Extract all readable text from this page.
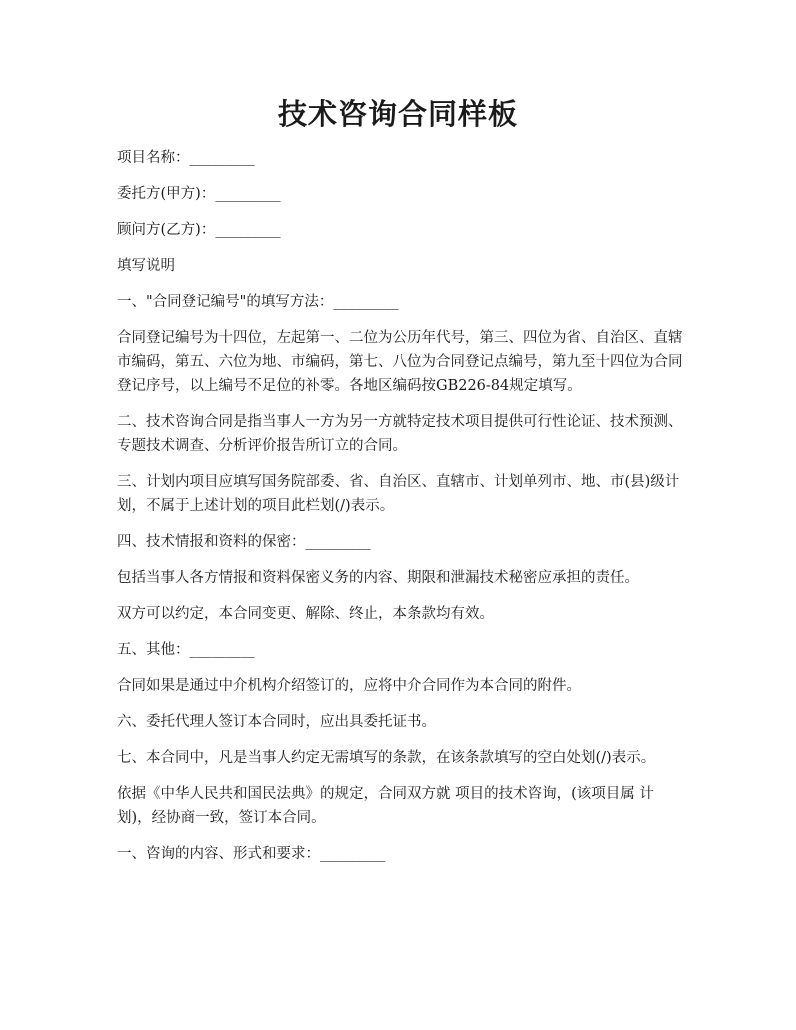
技术咨询合同样板

项目名称：_________

委托方(甲方)：_________

顾问方(乙方)：_________

填写说明

一、"合同登记编号"的填写方法：_________

合同登记编号为十四位，左起第一、二位为公历年代号，第三、四位为省、自治区、直辖市编码，第五、六位为地、市编码，第七、八位为合同登记点编号，第九至十四位为合同登记序号，以上编号不足位的补零。各地区编码按GB226-84规定填写。

二、技术咨询合同是指当事人一方为另一方就特定技术项目提供可行性论证、技术预测、专题技术调查、分析评价报告所订立的合同。

三、计划内项目应填写国务院部委、省、自治区、直辖市、计划单列市、地、市(县)级计划，不属于上述计划的项目此栏划(/)表示。

四、技术情报和资料的保密：_________

包括当事人各方情报和资料保密义务的内容、期限和泄漏技术秘密应承担的责任。

双方可以约定，本合同变更、解除、终止，本条款均有效。

五、其他：_________

合同如果是通过中介机构介绍签订的，应将中介合同作为本合同的附件。

六、委托代理人签订本合同时，应出具委托证书。

七、本合同中，凡是当事人约定无需填写的条款，在该条款填写的空白处划(/)表示。

依据《中华人民共和国民法典》的规定，合同双方就 项目的技术咨询，(该项目属 计划)，经协商一致，签订本合同。

一、咨询的内容、形式和要求：_________
